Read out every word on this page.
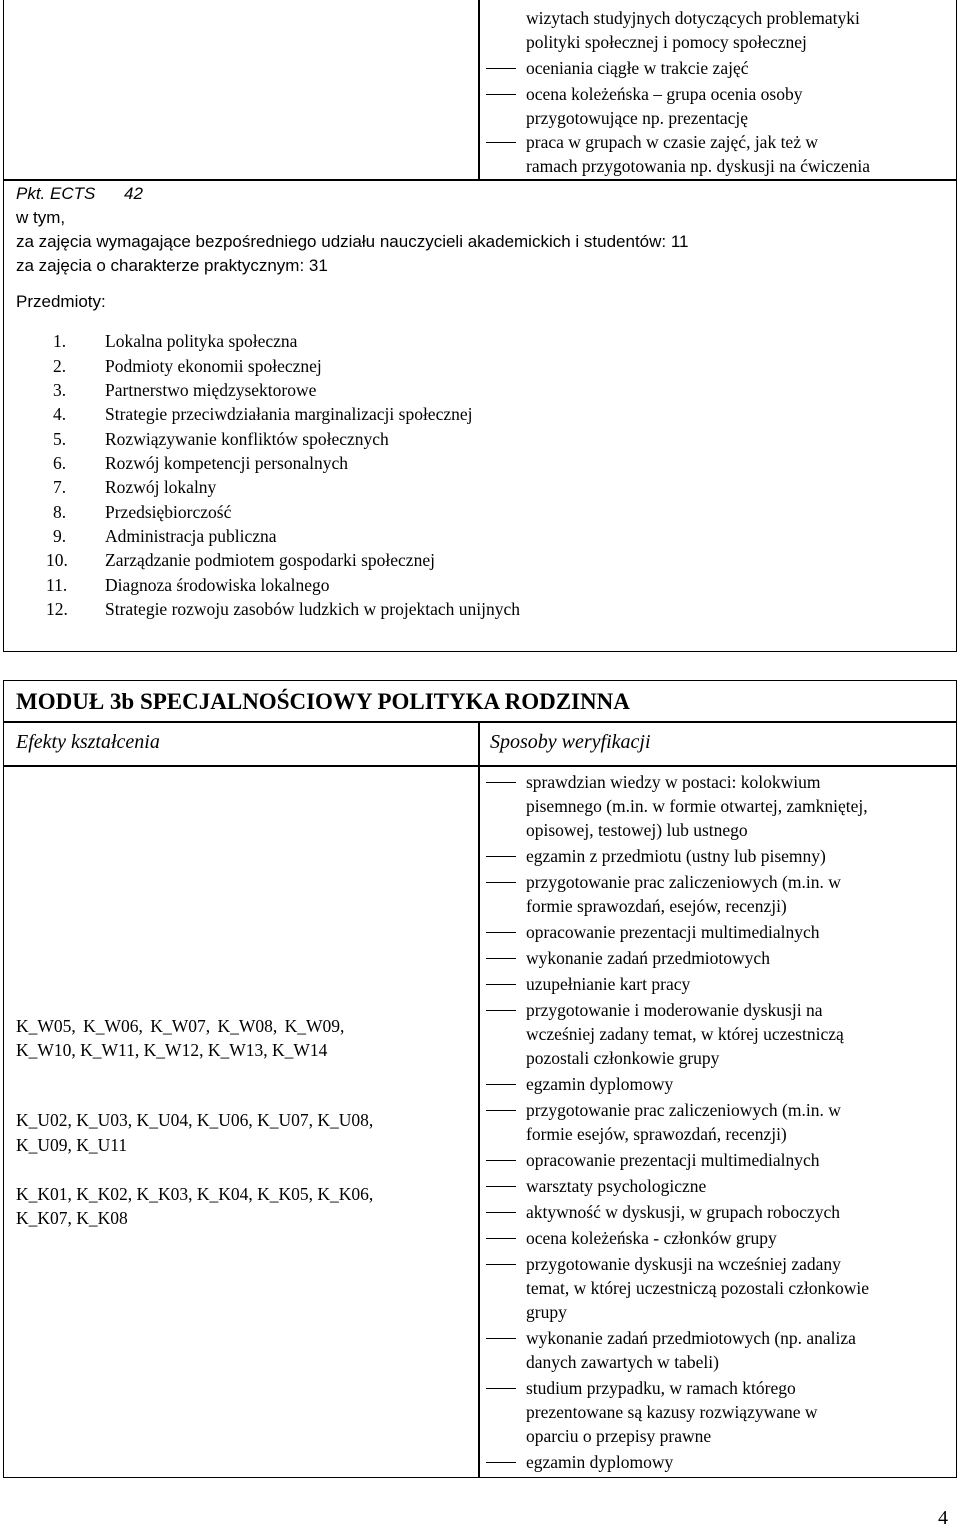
wizytach studyjnych dotyczących problematyki
polityki społecznej i pomocy społecznej
oceniania ciągłe w trakcie zajęć
ocena koleżeńska – grupa ocenia osoby
przygotowujące np. prezentację
praca w grupach w czasie zajęć, jak też w
ramach przygotowania np. dyskusji na ćwiczenia
Pkt. ECTS 42
w tym,
za zajęcia wymagające bezpośredniego udziału nauczycieli akademickich i studentów: 11
za zajęcia o charakterze praktycznym: 31
Przedmioty:
1. Lokalna polityka społeczna
2. Podmioty ekonomii społecznej
3. Partnerstwo międzysektorowe
4. Strategie przeciwdziałania marginalizacji społecznej
5. Rozwiązywanie konfliktów społecznych
6. Rozwój kompetencji personalnych
7. Rozwój lokalny
8. Przedsiębiorczość
9. Administracja publiczna
10. Zarządzanie podmiotem gospodarki społecznej
11. Diagnoza środowiska lokalnego
12. Strategie rozwoju zasobów ludzkich w projektach unijnych
MODUŁ 3b SPECJALNOŚCIOWY POLITYKA RODZINNA
Efekty kształcenia	Sposoby weryfikacji
K_W05, K_W06, K_W07, K_W08, K_W09,
K_W10, K_W11, K_W12, K_W13, K_W14
K_U02, K_U03, K_U04, K_U06, K_U07, K_U08,
K_U09, K_U11
K_K01, K_K02, K_K03, K_K04, K_K05, K_K06,
K_K07, K_K08
sprawdzian wiedzy w postaci: kolokwium
pisemnego (m.in. w formie otwartej, zamkniętej,
opisowej, testowej) lub ustnego
egzamin z przedmiotu (ustny lub pisemny)
przygotowanie prac zaliczeniowych (m.in. w
formie sprawozdań, esejów, recenzji)
opracowanie prezentacji multimedialnych
wykonanie zadań przedmiotowych
uzupełnianie kart pracy
przygotowanie i moderowanie dyskusji na
wcześniej zadany temat, w której uczestniczą
pozostali członkowie grupy
egzamin dyplomowy
przygotowanie prac zaliczeniowych (m.in. w
formie esejów, sprawozdań, recenzji)
opracowanie prezentacji multimedialnych
warsztaty psychologiczne
aktywność w dyskusji, w grupach roboczych
ocena koleżeńska - członków grupy
przygotowanie dyskusji na wcześniej zadany
temat, w której uczestniczą pozostali członkowie
grupy
wykonanie zadań przedmiotowych (np. analiza
danych zawartych w tabeli)
studium przypadku, w ramach którego
prezentowane są kazusy rozwiązywane w
oparciu o przepisy prawne
egzamin dyplomowy
4
